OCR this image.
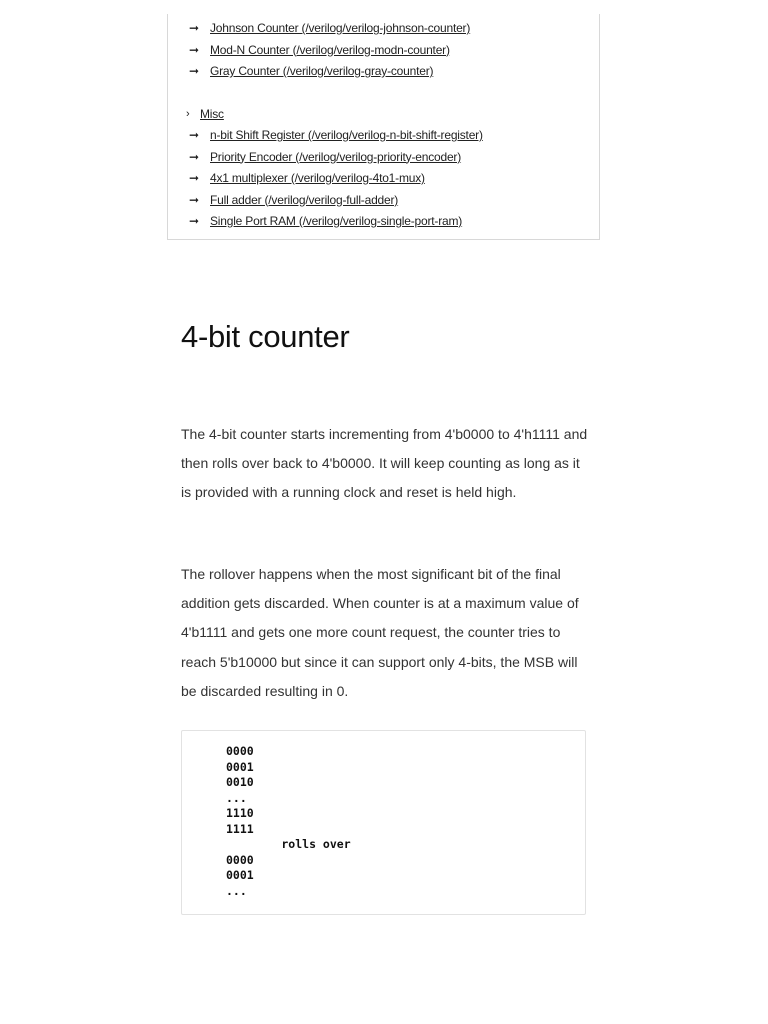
➞ Johnson Counter (/verilog/verilog-johnson-counter)
➞ Mod-N Counter (/verilog/verilog-modn-counter)
➞ Gray Counter (/verilog/verilog-gray-counter)
› Misc
➞ n-bit Shift Register (/verilog/verilog-n-bit-shift-register)
➞ Priority Encoder (/verilog/verilog-priority-encoder)
➞ 4x1 multiplexer (/verilog/verilog-4to1-mux)
➞ Full adder (/verilog/verilog-full-adder)
➞ Single Port RAM (/verilog/verilog-single-port-ram)
4-bit counter

The 4-bit counter starts incrementing from 4'b0000 to 4'h1111 and then rolls over back to 4'b0000. It will keep counting as long as it is provided with a running clock and reset is held high.

The rollover happens when the most significant bit of the final addition gets discarded. When counter is at a maximum value of 4'b1111 and gets one more count request, the counter tries to reach 5'b10000 but since it can support only 4-bits, the MSB will be discarded resulting in 0.

0000
0001
0010
...
1110
1111
rolls over
0000
0001
...
